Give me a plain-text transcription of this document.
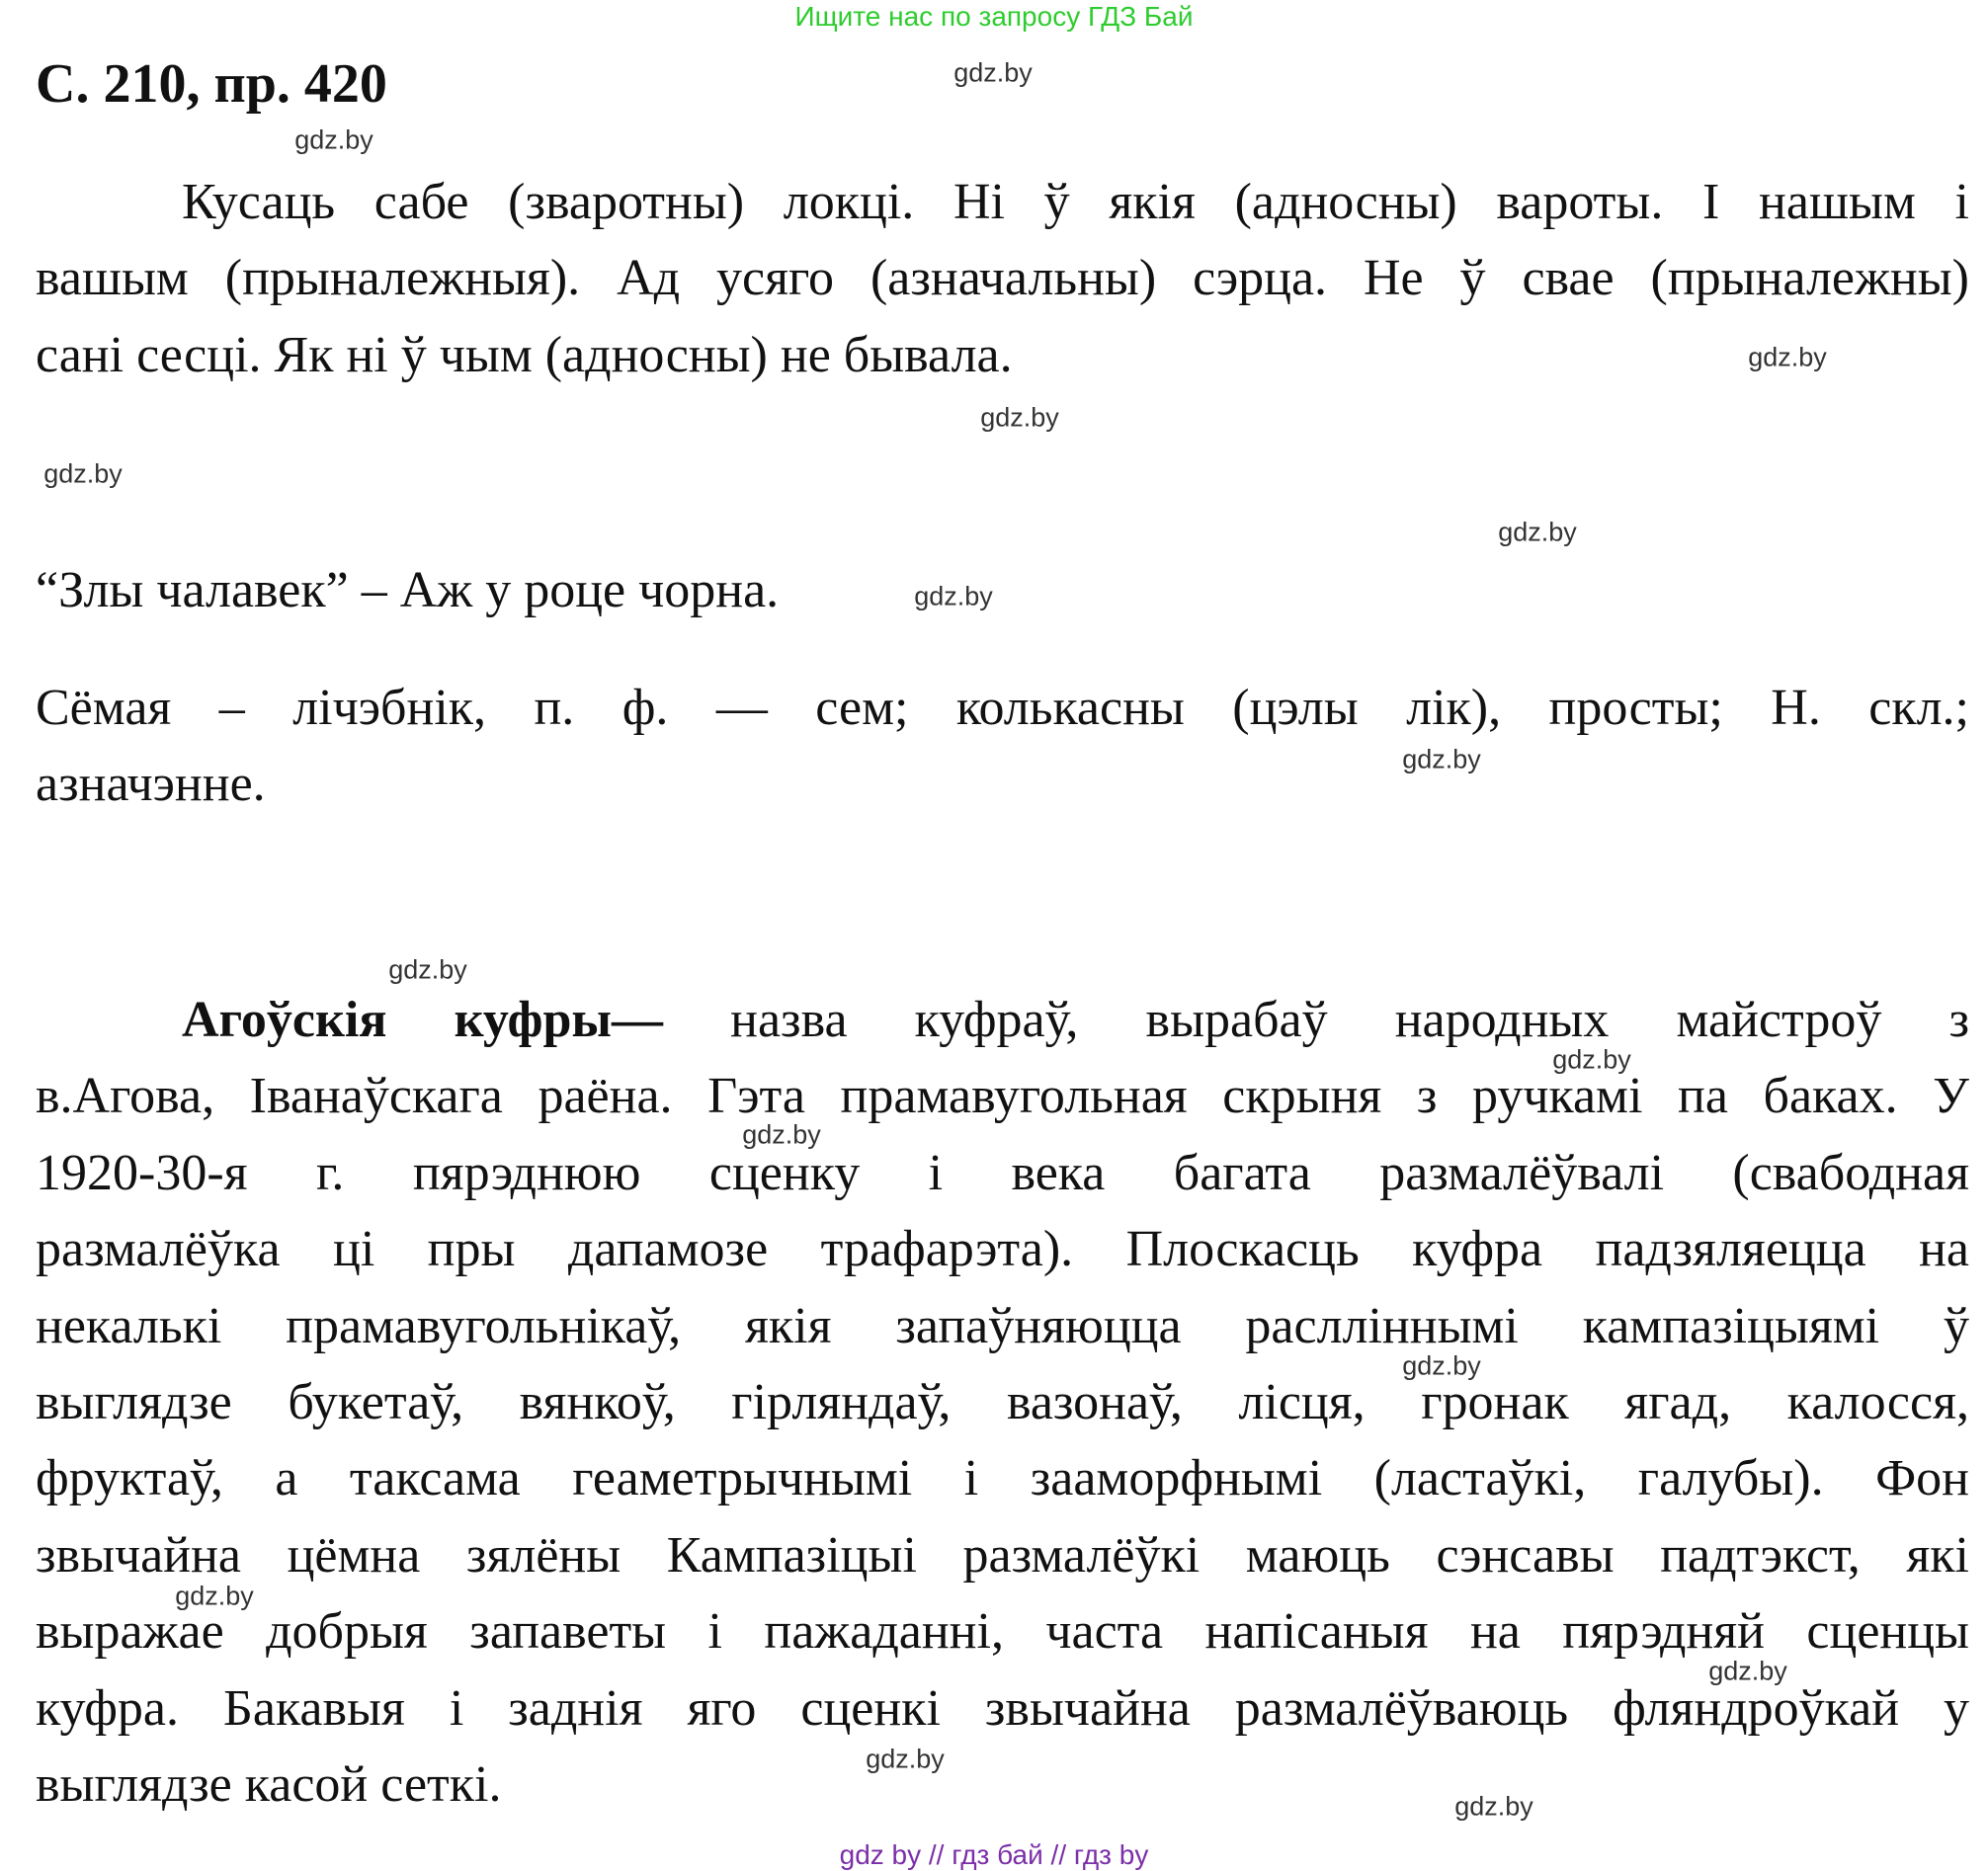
Ищите нас по запросу ГДЗ Бай
С. 210, пр. 420
Кусаць сабе (зваротны) локці. Ні ў якія (адносны) вароты. І нашым і
вашым (прыналежныя). Ад усяго (азначальны) сэрца. Не ў свае (прыналежны)
сані сесці. Як ні ў чым (адносны) не бывала.
“Злы чалавек” – Аж у роце чорна.
Сёмая – лічэбнік, п. ф. — сем; колькасны (цэлы лік), просты; Н. скл.;
азначэнне.
Агоўскія куфры— назва куфраў, вырабаў народных майстроў з
в.Агова, Іванаўскага раёна. Гэта прамавугольная скрыня з ручкамі па баках. У
1920-30-я г. пярэднюю сценку і века багата размалёўвалі (свабодная
размалёўка ці пры дапамозе трафарэта). Плоскасць куфра падзяляецца на
некалькі прамавугольнікаў, якія запаўняюцца раслліннымі кампазіцыямі ў
выглядзе букетаў, вянкоў, гірляндаў, вазонаў, лісця, гронак ягад, калосся,
фруктаў, а таксама геаметрычнымі і зааморфнымі (ластаўкі, галубы). Фон
звычайна цёмна зялёны Кампазіцыі размалёўкі маюць сэнсавы падтэкст, які
выражае добрыя запаветы і пажаданні, часта напісаныя на пярэдняй сценцы
куфра. Бакавыя і заднія яго сценкі звычайна размалёўваюць фляндроўкай у
выглядзе касой сеткі.
gdz.by
gdz.by
gdz.by
gdz.by
gdz.by
gdz.by
gdz.by
gdz.by
gdz.by
gdz.by
gdz.by
gdz.by
gdz.by
gdz.by
gdz.by
gdz.by
gdz by // гдз бай // гдз by
